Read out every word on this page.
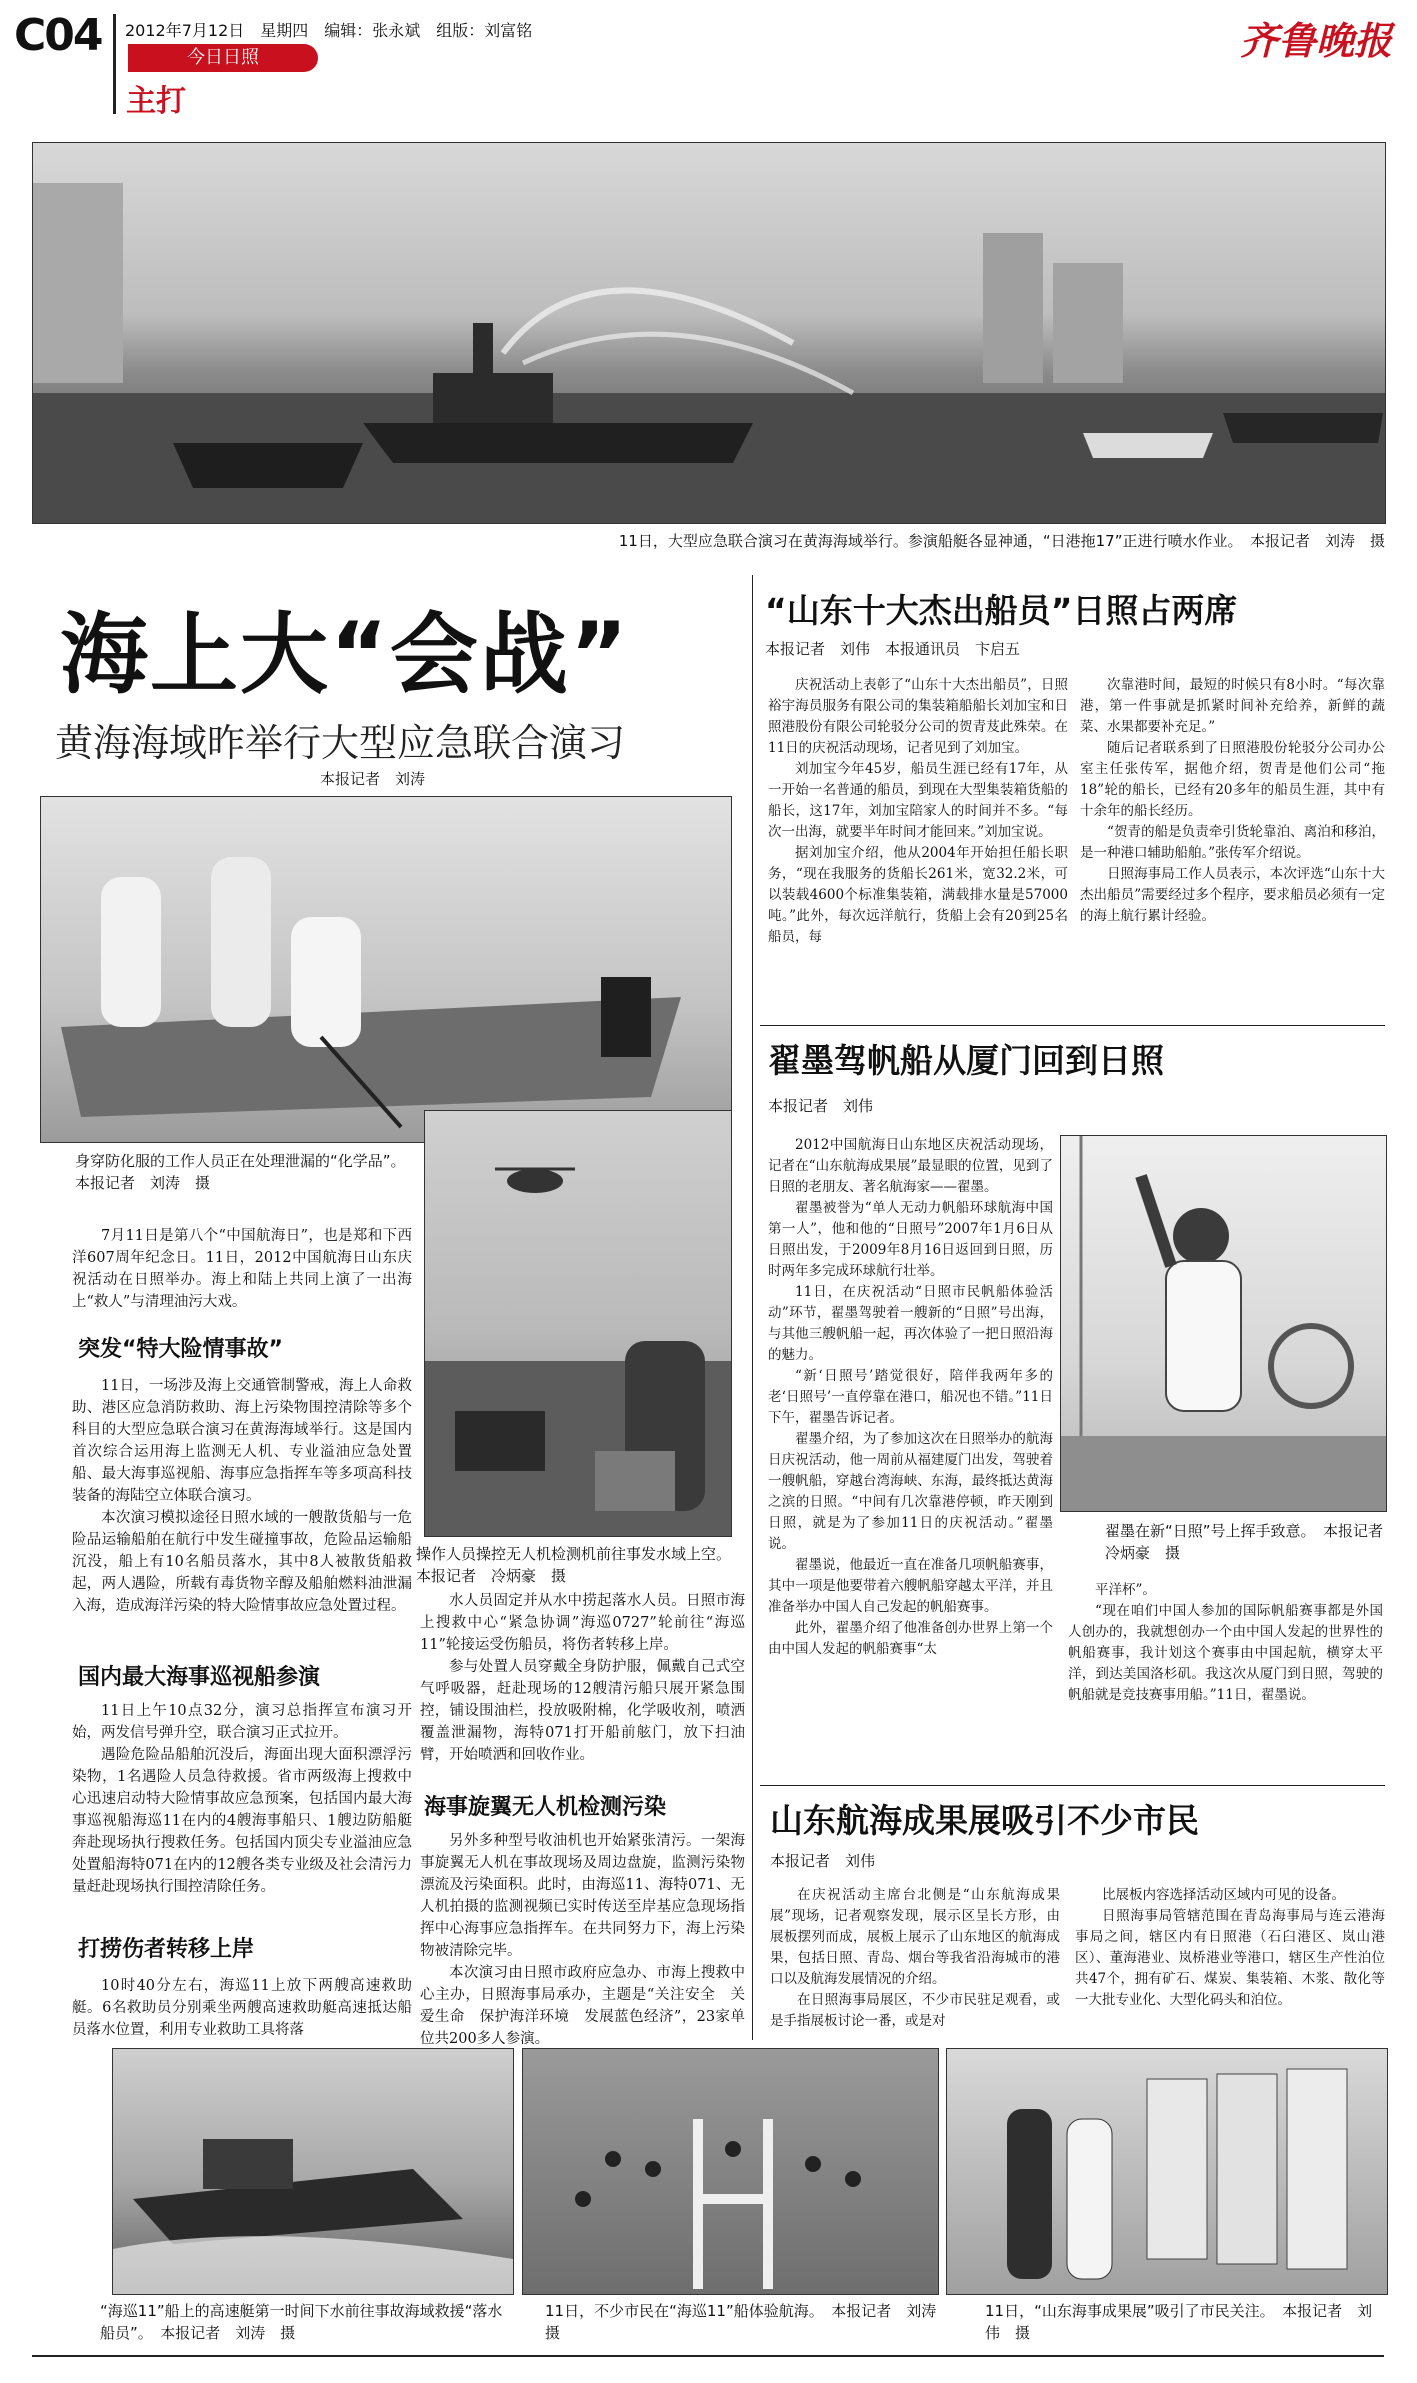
C04 2012年7月12日　星期四　编辑：张永斌　组版：刘富铭
今日日照
主打
齐鲁晚报
11日，大型应急联合演习在黄海海域举行。参演船艇各显神通，“日港拖17”正进行喷水作业。　本报记者　刘涛　摄
海上大“会战”
黄海海域昨举行大型应急联合演习
本报记者　刘涛
身穿防化服的工作人员正在处理泄漏的“化学品”。　本报记者　刘涛　摄
操作人员操控无人机检测机前往事发水域上空。　本报记者　冷炳豪　摄
7月11日是第八个“中国航海日”，也是郑和下西洋607周年纪念日。11日，2012中国航海日山东庆祝活动在日照举办。海上和陆上共同上演了一出海上“救人”与清理油污大戏。
突发“特大险情事故”

11日，一场涉及海上交通管制警戒，海上人命救助、港区应急消防救助、海上污染物围控清除等多个科目的大型应急联合演习在黄海海域举行。这是国内首次综合运用海上监测无人机、专业溢油应急处置船、最大海事巡视船、海事应急指挥车等多项高科技装备的海陆空立体联合演习。

本次演习模拟途径日照水域的一艘散货船与一危险品运输船舶在航行中发生碰撞事故，危险品运输船沉没，船上有10名船员落水，其中8人被散货船救起，两人遇险，所载有毒货物辛醇及船舶燃料油泄漏入海，造成海洋污染的特大险情事故应急处置过程。

国内最大海事巡视船参演

11日上午10点32分，演习总指挥宣布演习开始，两发信号弹升空，联合演习正式拉开。

遇险危险品船舶沉没后，海面出现大面积漂浮污染物，1名遇险人员急待救援。省市两级海上搜救中心迅速启动特大险情事故应急预案，包括国内最大海事巡视船海巡11在内的4艘海事船只、1艘边防船艇奔赴现场执行搜救任务。包括国内顶尖专业溢油应急处置船海特071在内的12艘各类专业级及社会清污力量赶赴现场执行围控清除任务。

打捞伤者转移上岸

10时40分左右，海巡11上放下两艘高速救助艇。6名救助员分别乘坐两艘高速救助艇高速抵达船员落水位置，利用专业救助工具将落

水人员固定并从水中捞起落水人员。日照市海上搜救中心“紧急协调”海巡0727”轮前往“海巡11”轮接运受伤船员，将伤者转移上岸。

参与处置人员穿戴全身防护服，佩戴自己式空气呼吸器，赶赴现场的12艘清污船只展开紧急围控，铺设围油栏，投放吸附棉，化学吸收剂，喷洒覆盖泄漏物，海特071打开船前舷门，放下扫油臂，开始喷洒和回收作业。

海事旋翼无人机检测污染

另外多种型号收油机也开始紧张清污。一架海事旋翼无人机在事故现场及周边盘旋，监测污染物漂流及污染面积。此时，由海巡11、海特071、无人机拍摄的监测视频已实时传送至岸基应急现场指挥中心海事应急指挥车。在共同努力下，海上污染物被清除完毕。

本次演习由日照市政府应急办、市海上搜救中心主办，日照海事局承办，主题是“关注安全　关爱生命　保护海洋环境　发展蓝色经济”，23家单位共200多人参演。

“山东十大杰出船员”日照占两席
本报记者　刘伟　本报通讯员　卞启五

庆祝活动上表彰了“山东十大杰出船员”，日照裕宇海员服务有限公司的集装箱船船长刘加宝和日照港股份有限公司轮驳分公司的贺青芨此殊荣。在11日的庆祝活动现场，记者见到了刘加宝。

刘加宝今年45岁，船员生涯已经有17年，从一开始一名普通的船员，到现在大型集装箱货船的船长，这17年，刘加宝陪家人的时间并不多。“每次一出海，就要半年时间才能回来。”刘加宝说。

据刘加宝介绍，他从2004年开始担任船长职务，“现在我服务的货船长261米，宽32.2米，可以装载4600个标准集装箱，满载排水量是57000吨。”此外，每次远洋航行，货船上会有20到25名船员，每

次靠港时间，最短的时候只有8小时。“每次靠港，第一件事就是抓紧时间补充给养，新鲜的蔬菜、水果都要补充足。”

随后记者联系到了日照港股份轮驳分公司办公室主任张传军，据他介绍，贺青是他们公司“拖18”轮的船长，已经有20多年的船员生涯，其中有十余年的船长经历。

“贺青的船是负责牵引货轮靠泊、离泊和移泊，是一种港口辅助船舶。”张传军介绍说。

日照海事局工作人员表示，本次评选“山东十大杰出船员”需要经过多个程序，要求船员必须有一定的海上航行累计经验。

翟墨驾帆船从厦门回到日照
本报记者　刘伟

2012中国航海日山东地区庆祝活动现场，记者在“山东航海成果展”最显眼的位置，见到了日照的老朋友、著名航海家——翟墨。

翟墨被誉为“单人无动力帆船环球航海中国第一人”，他和他的“日照号”2007年1月6日从日照出发，于2009年8月16日返回到日照，历时两年多完成环球航行壮举。

11日，在庆祝活动“日照市民帆船体验活动”环节，翟墨驾驶着一艘新的“日照”号出海，与其他三艘帆船一起，再次体验了一把日照沿海的魅力。

“新‘日照号’踏觉很好，陪伴我两年多的老‘日照号’一直停靠在港口，船况也不错。”11日下午，翟墨告诉记者。

翟墨介绍，为了参加这次在日照举办的航海日庆祝活动，他一周前从福建厦门出发，驾驶着一艘帆船，穿越台湾海峡、东海，最终抵达黄海之滨的日照。“中间有几次靠港停顿，昨天刚到日照，就是为了参加11日的庆祝活动。”翟墨说。

翟墨说，他最近一直在准备几项帆船赛事，其中一项是他要带着六艘帆船穿越太平洋，并且准备举办中国人自己发起的帆船赛事。

此外，翟墨介绍了他准备创办世界上第一个由中国人发起的帆船赛事“太

翟墨在新“日照”号上挥手致意。　本报记者　冷炳豪　摄

平洋杯”。

“现在咱们中国人参加的国际帆船赛事都是外国人创办的，我就想创办一个由中国人发起的世界性的帆船赛事，我计划这个赛事由中国起航，横穿太平洋，到达美国洛杉矶。我这次从厦门到日照，驾驶的帆船就是竞技赛事用船。”11日，翟墨说。

山东航海成果展吸引不少市民
本报记者　刘伟

在庆祝活动主席台北侧是“山东航海成果展”现场，记者观察发现，展示区呈长方形，由展板摆列而成，展板上展示了山东地区的航海成果，包括日照、青岛、烟台等我省沿海城市的港口以及航海发展情况的介绍。

在日照海事局展区，不少市民驻足观看，或是手指展板讨论一番，或是对

比展板内容选择活动区域内可见的设备。

日照海事局管辖范围在青岛海事局与连云港海事局之间，辖区内有日照港（石臼港区、岚山港区）、董海港业、岚桥港业等港口，辖区生产性泊位共47个，拥有矿石、煤炭、集装箱、木浆、散化等一大批专业化、大型化码头和泊位。

“海巡11”船上的高速艇第一时间下水前往事故海域救援“落水船员”。　本报记者　刘涛　摄
11日，不少市民在“海巡11”船体验航海。　本报记者　刘涛　摄
11日，“山东海事成果展”吸引了市民关注。　本报记者　刘伟　摄
